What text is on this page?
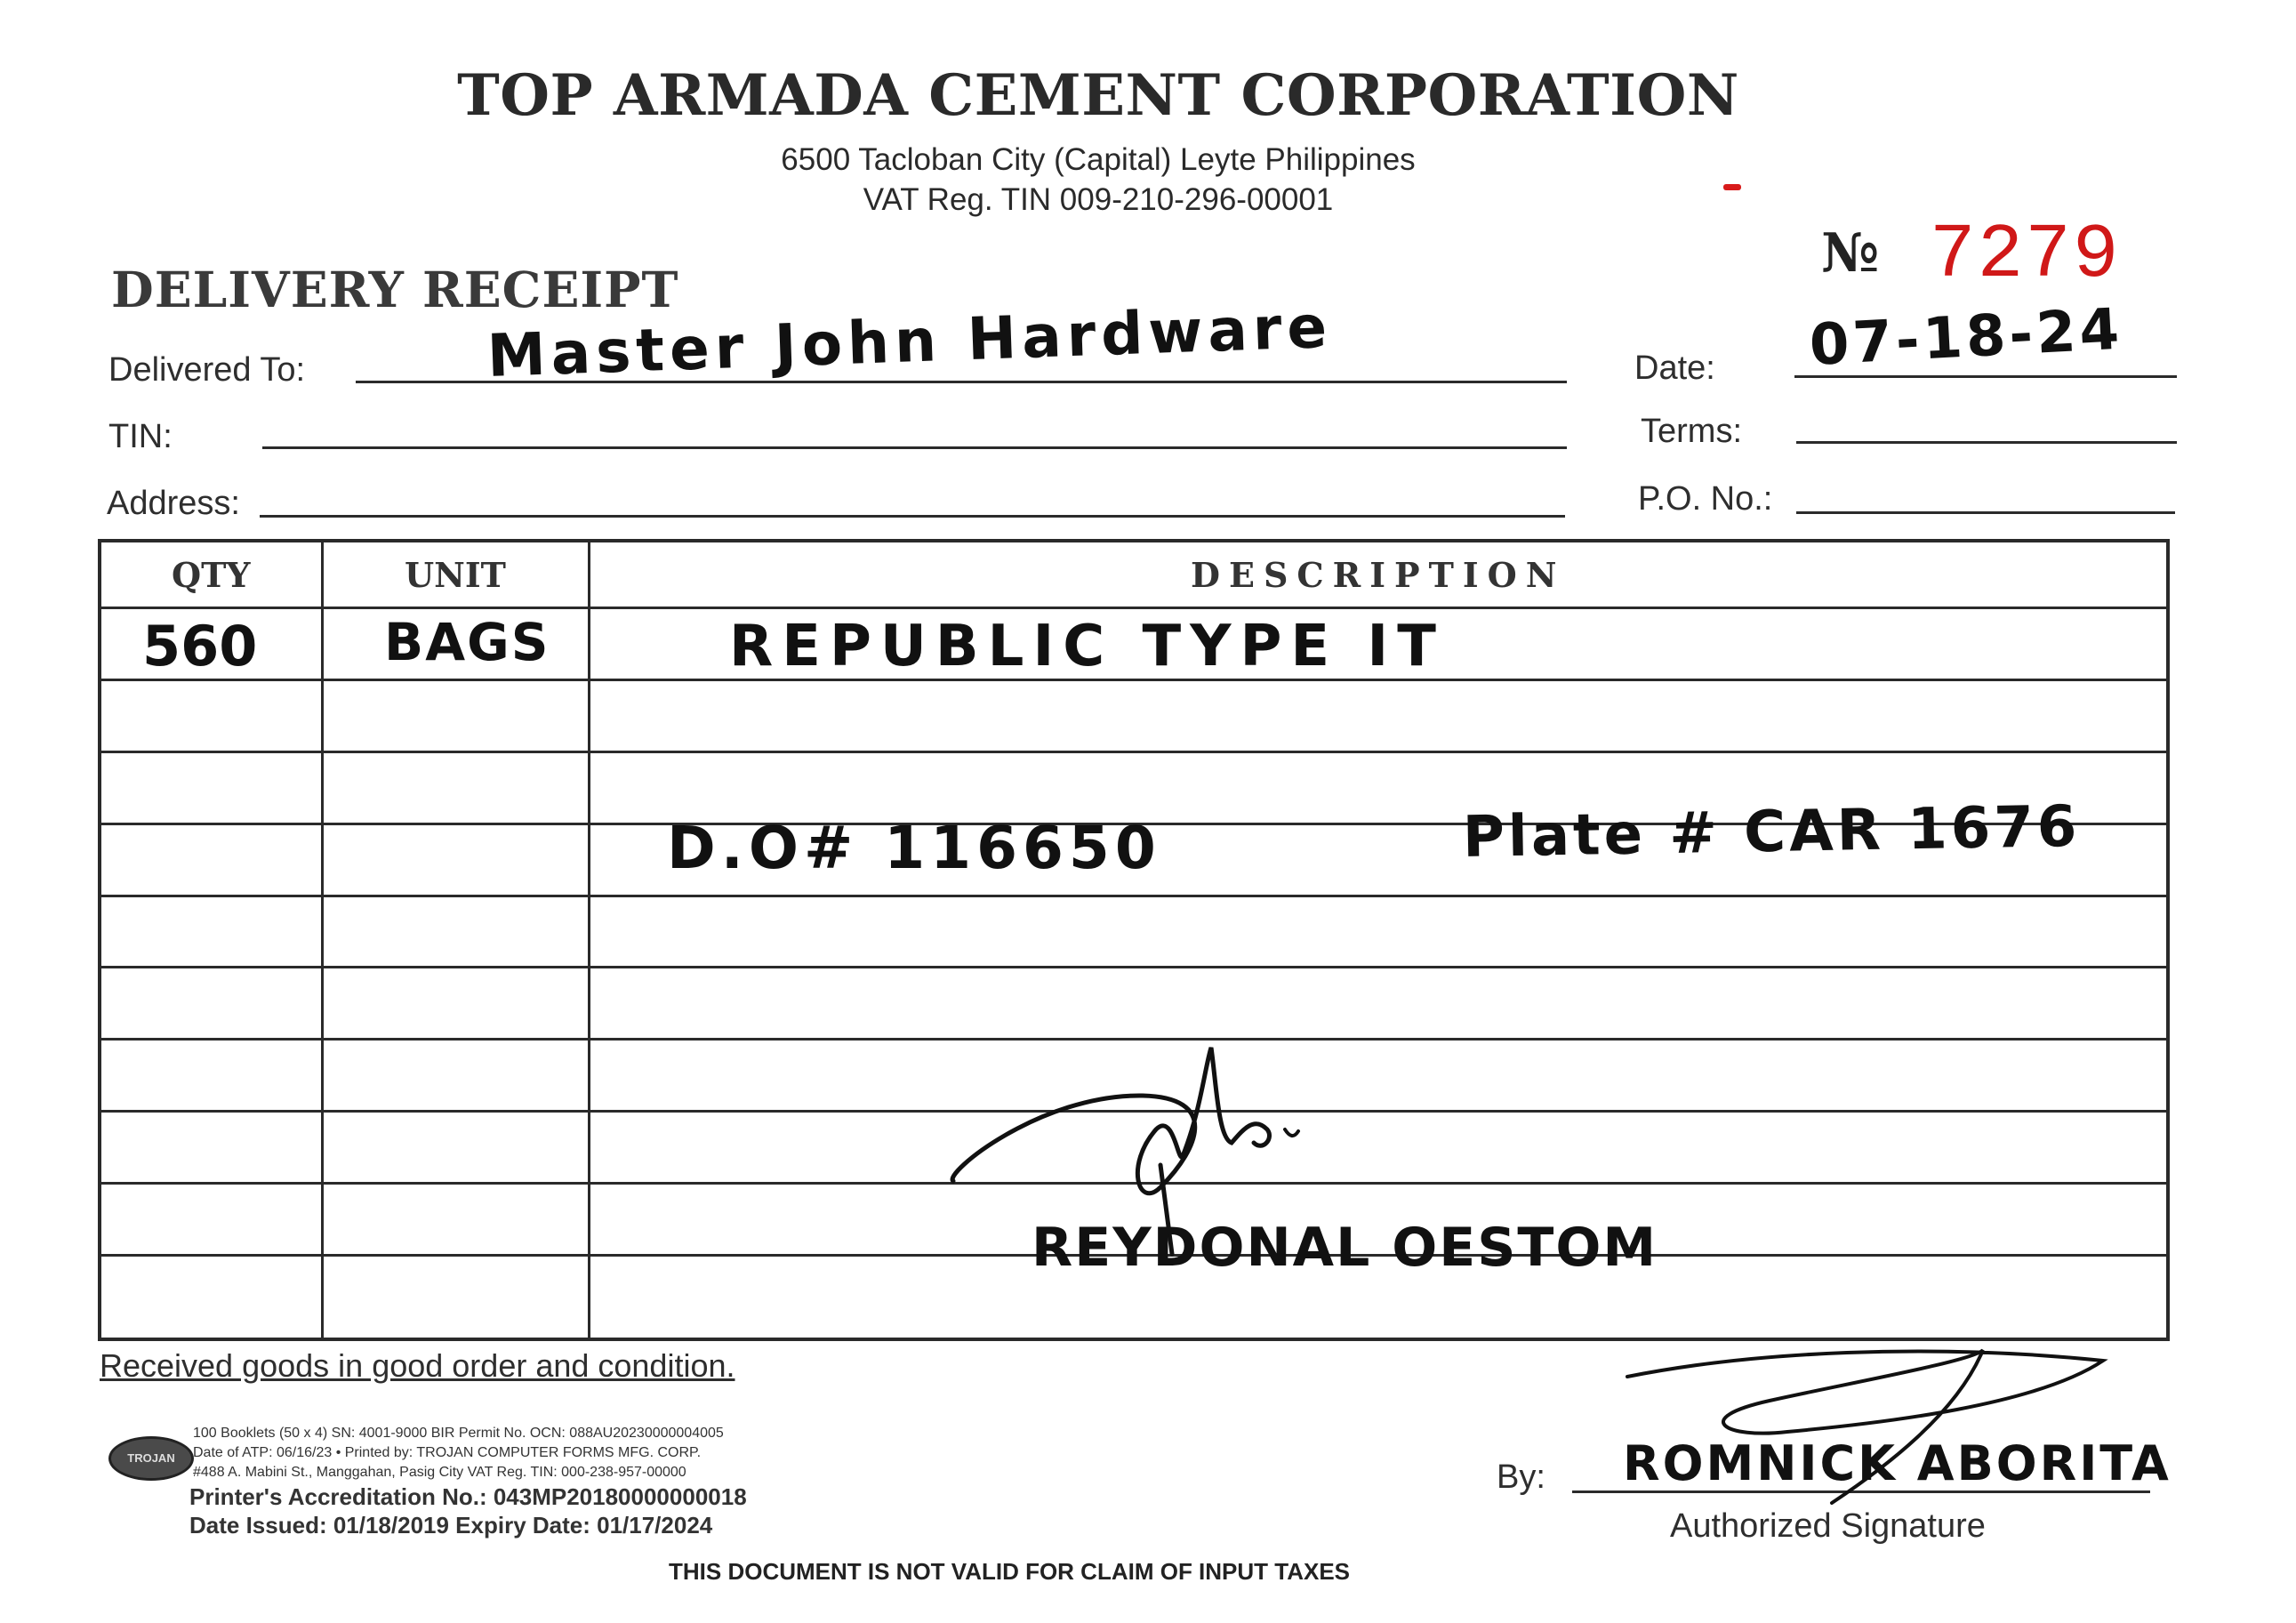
TOP ARMADA CEMENT CORPORATION
6500 Tacloban City (Capital) Leyte Philippines
VAT Reg. TIN 009-210-296-00001
№ 7279
DELIVERY RECEIPT
Delivered To:	Master John Hardware
TIN:
Address:
Date: 07-18-24
Terms:
P.O. No.:
QTY	UNIT	DESCRIPTION

560 BAGS	REPUBLIC TYPE IT
D.O# 116650	Plate # CAR 1676
REYDONAL OESTOM
Received goods in good order and condition.
TROJAN
100 Booklets (50 x 4) SN: 4001-9000 BIR Permit No. OCN: 088AU20230000004005
Date of ATP: 06/16/23 • Printed by: TROJAN COMPUTER FORMS MFG. CORP.
#488 A. Mabini St., Manggahan, Pasig City VAT Reg. TIN: 000-238-957-00000
Printer's Accreditation No.: 043MP20180000000018
Date Issued: 01/18/2019 Expiry Date: 01/17/2024
THIS DOCUMENT IS NOT VALID FOR CLAIM OF INPUT TAXES
By: ROMNICK ABORITA
Authorized Signature
